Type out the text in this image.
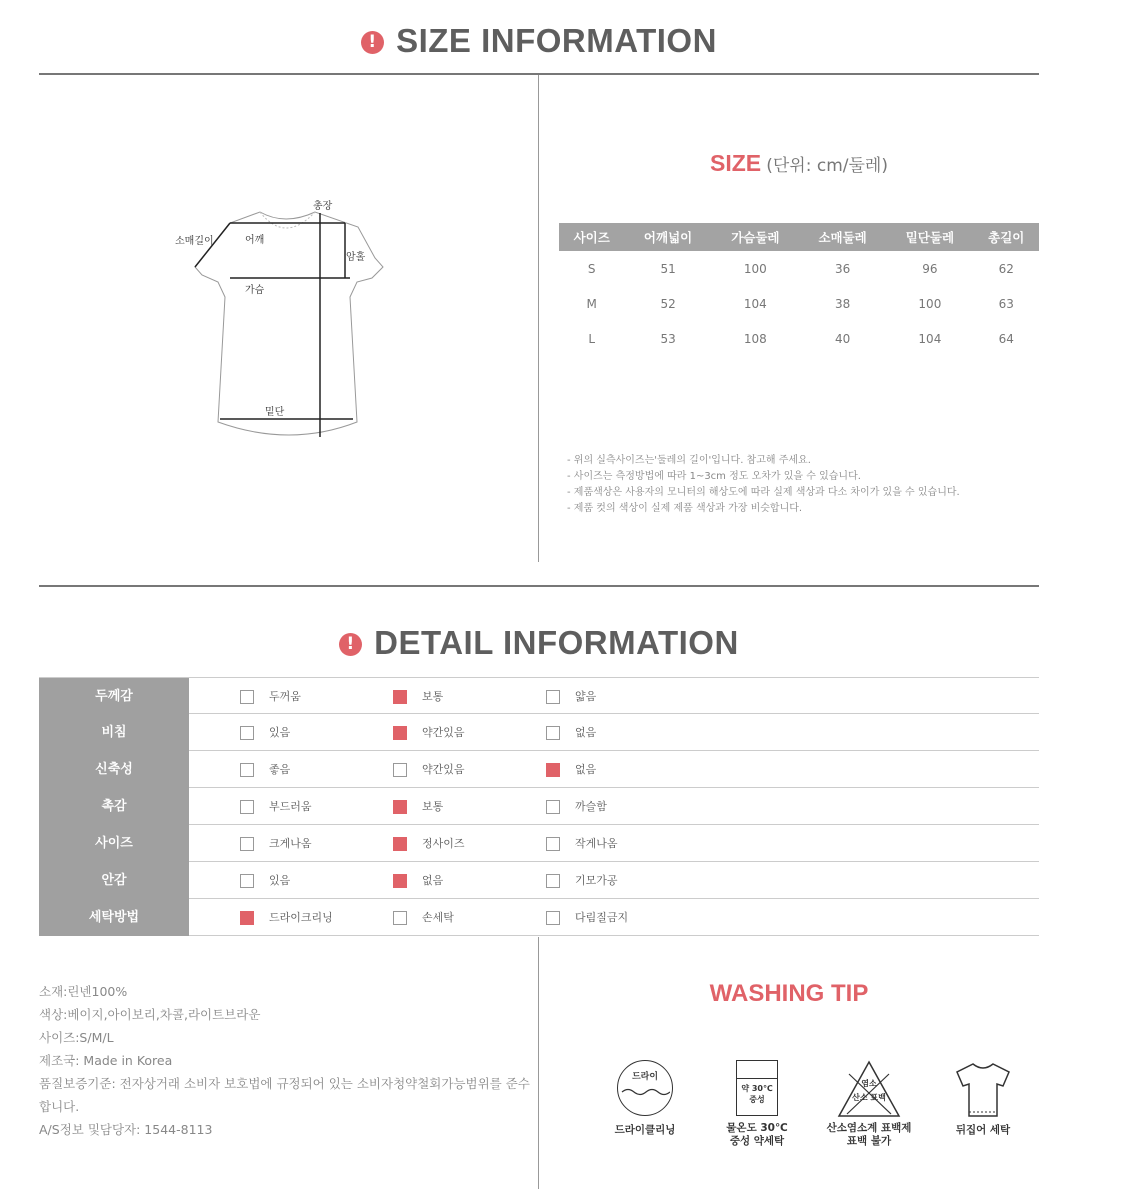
! SIZE INFORMATION
총장
소매길이	어깨
암홀
가슴
밑단
SIZE (단위: cm/둘레)
사이즈	어깨넓이	가슴둘레	소매둘레	밑단둘레	총길이
S	51	100	36	96	62
M	52	104	38	100	63
L	53	108	40	104	64
- 위의 실측사이즈는'둘레의 길이'입니다. 참고해 주세요.
- 사이즈는 측정방법에 따라 1~3cm 정도 오차가 있을 수 있습니다.
- 제품색상은 사용자의 모니터의 해상도에 따라 실제 색상과 다소 차이가 있을 수 있습니다.
- 제품 컷의 색상이 실제 제품 색상과 가장 비슷합니다.
! DETAIL INFORMATION
두께감	두꺼움	보통	얇음
비침	있음	약간있음	없음
신축성	좋음	약간있음	없음
촉감	부드러움	보통	까슬함
사이즈	크게나옴	정사이즈	작게나옴
안감	있음	없음	기모가공
세탁방법	드라이크리닝	손세탁	다림질금지
소재:린넨100%
색상:베이지,아이보리,차콜,라이트브라운
사이즈:S/M/L
제조국: Made in Korea
품질보증기준: 전자상거래 소비자 보호법에 규정되어 있는 소비자청약철회가능범위를 준수합니다.
A/S정보 및담당자: 1544-8113
WASHING TIP
드라이
드라이클리닝
약 30℃
중성
물온도 30℃
중성 약세탁
염소
산소 표백
산소염소계 표백제
표백 불가
뒤집어 세탁
